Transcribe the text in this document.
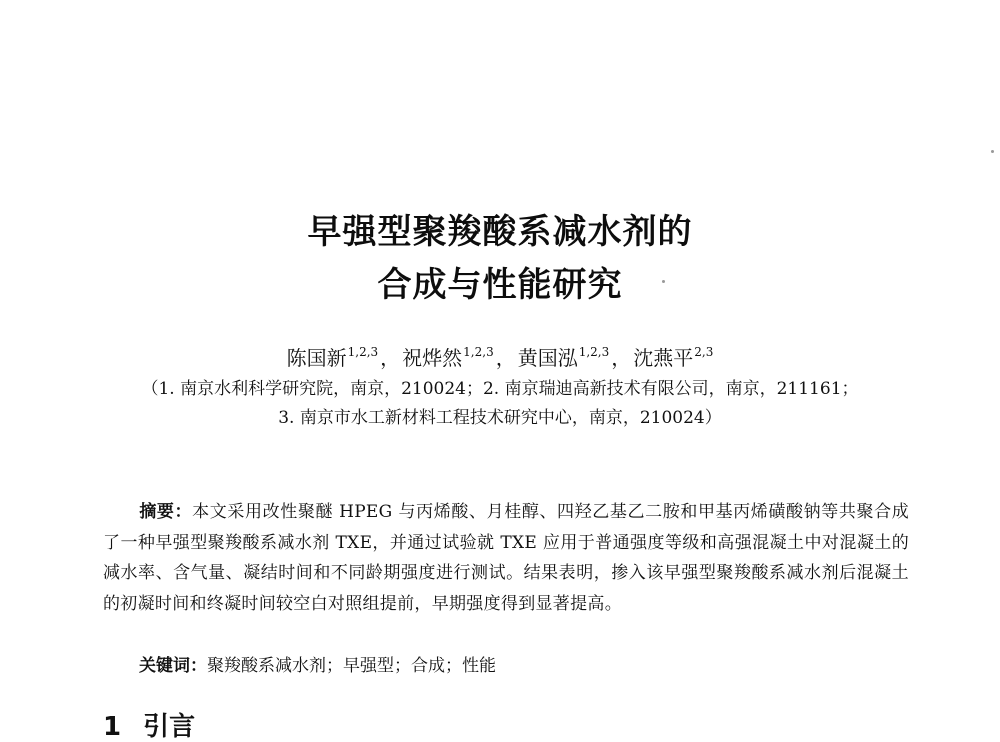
早强型聚羧酸系减水剂的
合成与性能研究
陈国新$^{1,2,3}$ ， 祝烨然$^{1,2,3}$ ， 黄国泓$^{1,2,3}$ ， 沈燕平$^{2,3}$
（1. 南京水利科学研究院，南京，210024；2. 南京瑞迪高新技术有限公司，南京，211161；
3. 南京市水工新材料工程技术研究中心，南京，210024）
摘要：本文采用改性聚醚 HPEG 与丙烯酸、月桂醇、四羟乙基乙二胺和甲基丙烯磺酸钠等共聚合成了一种早强型聚羧酸系减水剂 TXE，并通过试验就 TXE 应用于普通强度等级和高强混凝土中对混凝土的减水率、含气量、凝结时间和不同龄期强度进行测试。结果表明，掺入该早强型聚羧酸系减水剂后混凝土的初凝时间和终凝时间较空白对照组提前，早期强度得到显著提高。
关键词：聚羧酸系减水剂；早强型；合成；性能
1 引言
